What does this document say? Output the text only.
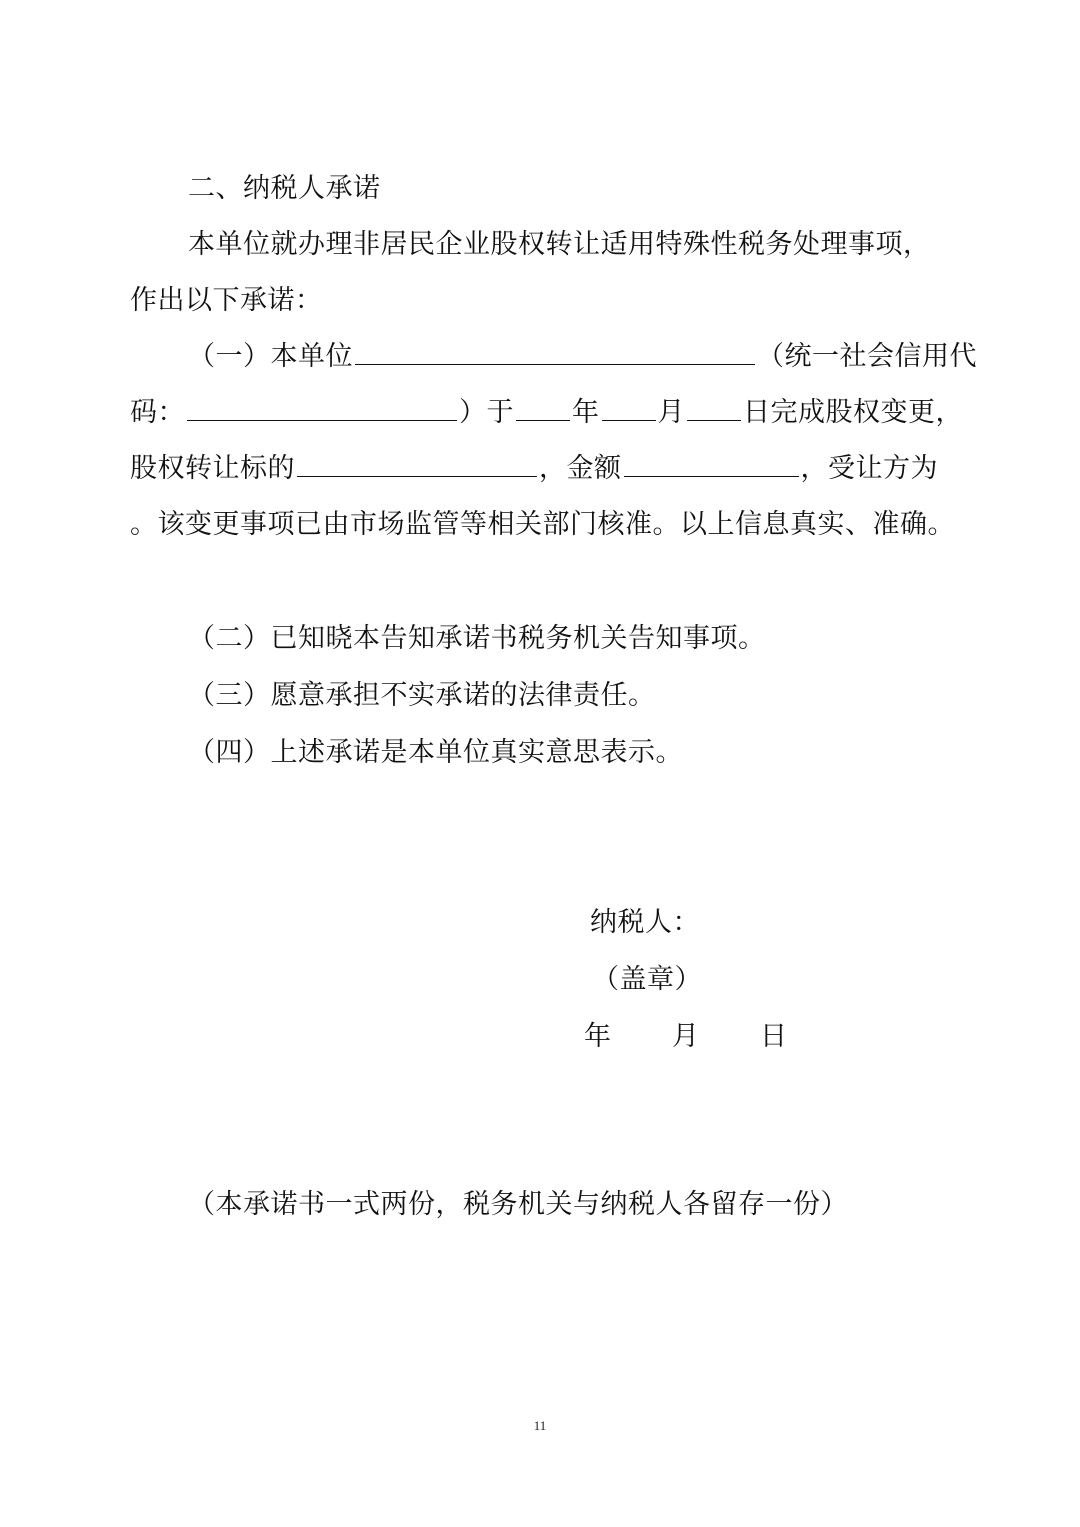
二、纳税人承诺
本单位就办理非居民企业股权转让适用特殊性税务处理事项，
作出以下承诺：
（一）本单位	（统一社会信用代
码：	）于 年 月 日完成股权变更，
股权转让标的	，金额	，受让方为
。该变更事项已由市场监管等相关部门核准。以上信息真实、准确。
（二）已知晓本告知承诺书税务机关告知事项。
（三）愿意承担不实承诺的法律责任。
（四）上述承诺是本单位真实意思表示。
纳税人：
（盖章）
年 月 日
（本承诺书一式两份，税务机关与纳税人各留存一份）
11
